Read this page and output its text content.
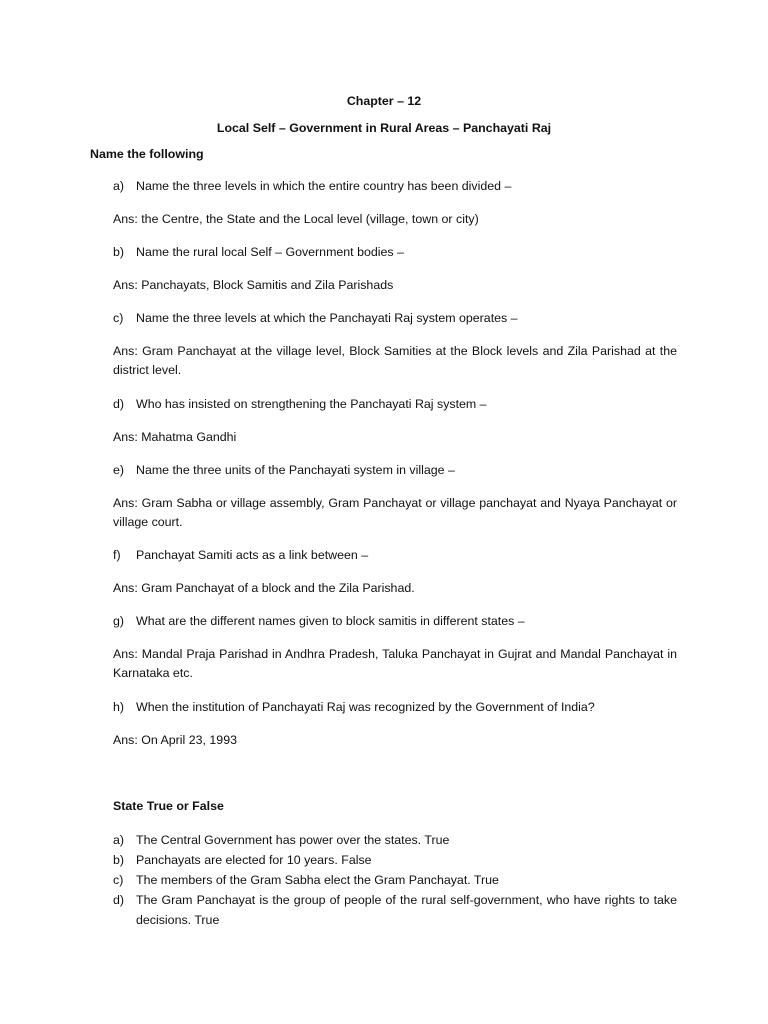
Chapter – 12
Local Self – Government in Rural Areas – Panchayati Raj
Name the following
a) Name the three levels in which the entire country has been divided –
Ans: the Centre, the State and the Local level (village, town or city)
b) Name the rural local Self – Government bodies –
Ans: Panchayats, Block Samitis and Zila Parishads
c)	Name the three levels at which the Panchayati Raj system operates –
Ans: Gram Panchayat at the village level, Block Samities at the Block levels and Zila Parishad at the district level.
d) Who has insisted on strengthening the Panchayati Raj system –
Ans: Mahatma Gandhi
e) Name the three units of the Panchayati system in village –
Ans: Gram Sabha or village assembly, Gram Panchayat or village panchayat and Nyaya Panchayat or village court.
f)	Panchayat Samiti acts as a link between –
Ans: Gram Panchayat of a block and the Zila Parishad.
g) What are the different names given to block samitis in different states –
Ans: Mandal Praja Parishad in Andhra Pradesh, Taluka Panchayat in Gujrat and Mandal Panchayat in Karnataka etc.
h) When the institution of Panchayati Raj was recognized by the Government of India?
Ans: On April 23, 1993
State True or False
a) The Central Government has power over the states. True
b) Panchayats are elected for 10 years. False
c) The members of the Gram Sabha elect the Gram Panchayat. True
d) The Gram Panchayat is the group of people of the rural self-government, who have rights to take decisions. True
